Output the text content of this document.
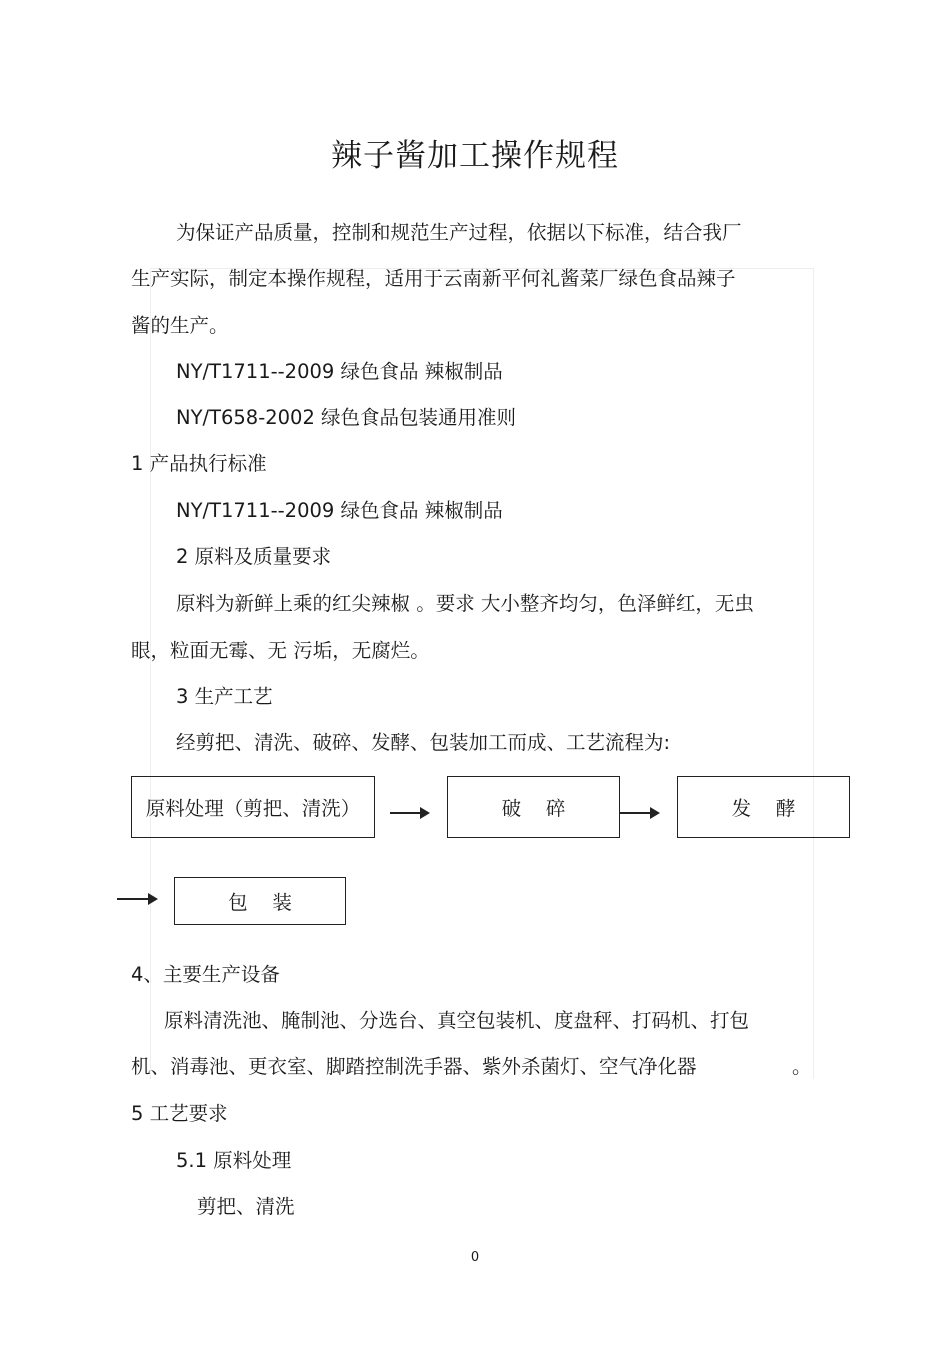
辣子酱加工操作规程
为保证产品质量，控制和规范生产过程，依据以下标准，结合我厂
生产实际，制定本操作规程，适用于云南新平何礼酱菜厂绿色食品辣子
酱的生产。
NY/T1711--2009 绿色食品 辣椒制品
NY/T658-2002 绿色食品包装通用准则
1 产品执行标准
NY/T1711--2009 绿色食品 辣椒制品
2 原料及质量要求
原料为新鲜上乘的红尖辣椒 。要求 大小整齐均匀，色泽鲜红，无虫
眼，粒面无霉、无 污垢，无腐烂。
3 生产工艺
经剪把、清洗、破碎、发酵、包装加工而成、工艺流程为:
原料处理（剪把、清洗）	破    碎	发    酵
包    装
4、主要生产设备
原料清洗池、腌制池、分选台、真空包装机、度盘秤、打码机、打包
机、消毒池、更衣室、脚踏控制洗手器、紫外杀菌灯、空气净化器	。
5 工艺要求
5.1 原料处理
剪把、清洗
0
